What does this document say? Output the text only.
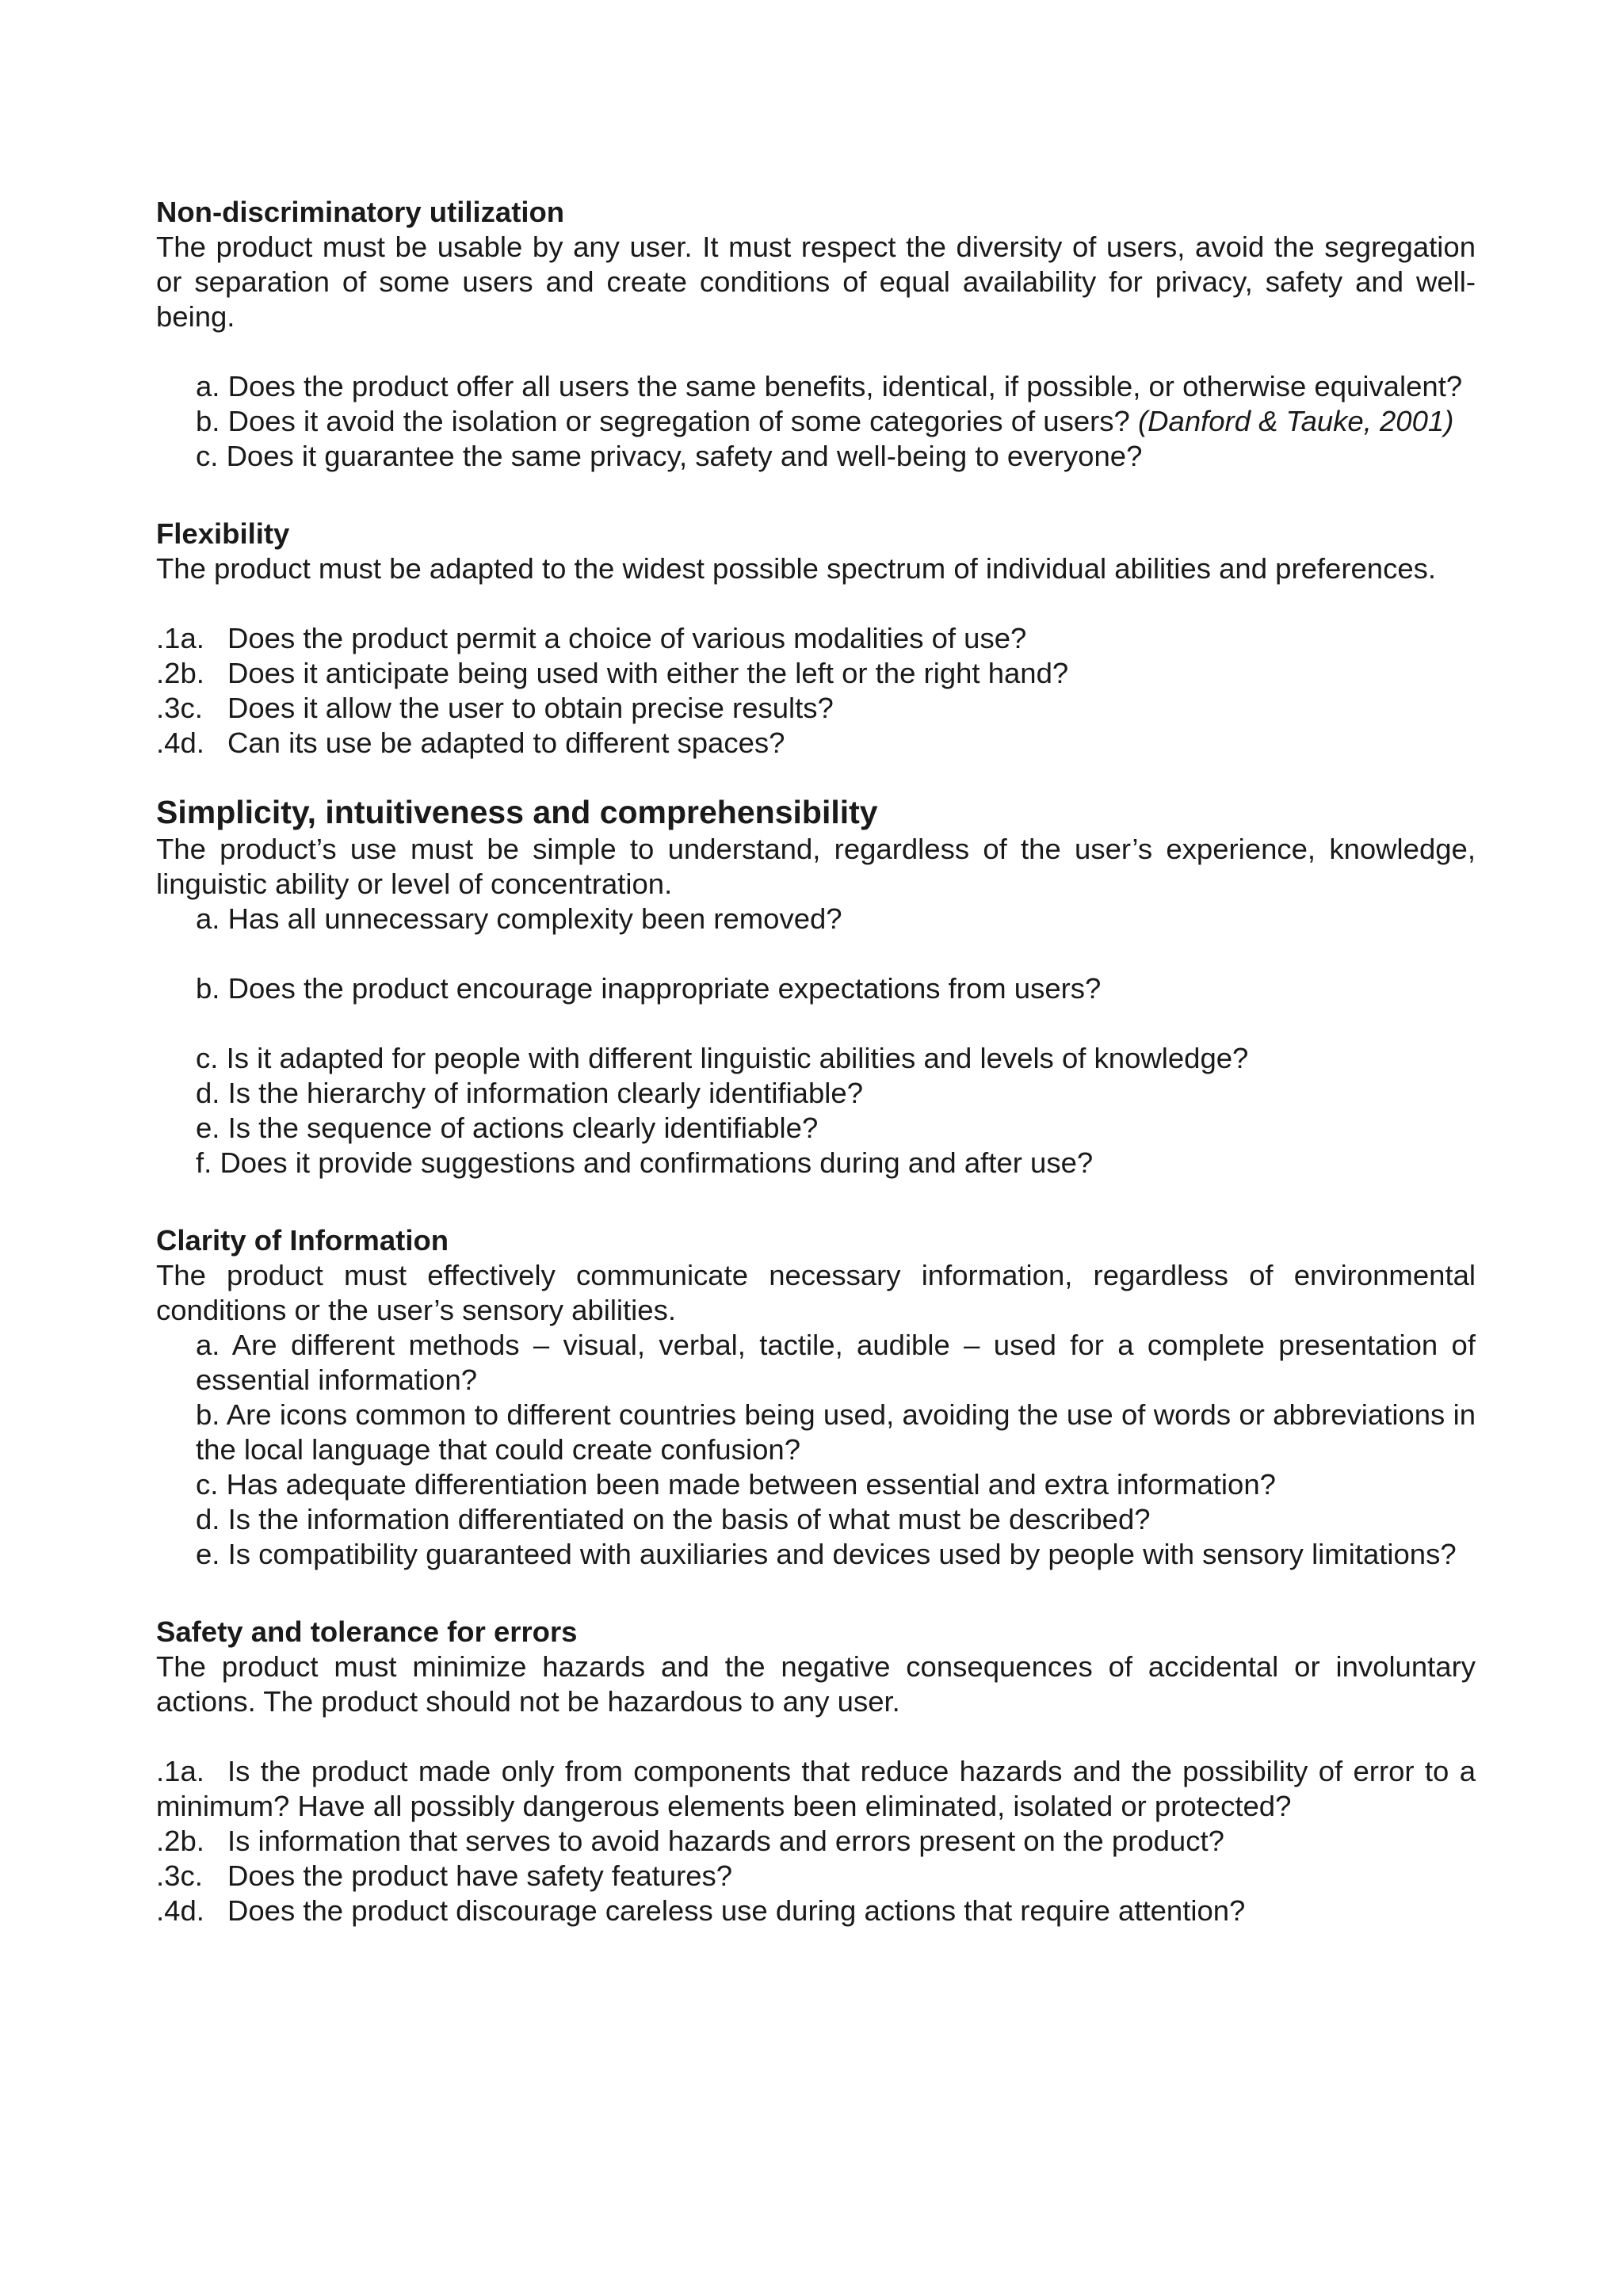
Non-discriminatory utilization

The product must be usable by any user. It must respect the diversity of users, avoid the segregation or separation of some users and create conditions of equal availability for privacy, safety and well-being.

a. Does the product offer all users the same benefits, identical, if possible, or otherwise equivalent?

b. Does it avoid the isolation or segregation of some categories of users? (Danford & Tauke, 2001)

c. Does it guarantee the same privacy, safety and well-being to everyone?

Flexibility

The product must be adapted to the widest possible spectrum of individual abilities and preferences.

.1a. Does the product permit a choice of various modalities of use?

.2b. Does it anticipate being used with either the left or the right hand?

.3c. Does it allow the user to obtain precise results?

.4d. Can its use be adapted to different spaces?

Simplicity, intuitiveness and comprehensibility

The product’s use must be simple to understand, regardless of the user’s experience, knowledge, linguistic ability or level of concentration.

a. Has all unnecessary complexity been removed?

b. Does the product encourage inappropriate expectations from users?

c. Is it adapted for people with different linguistic abilities and levels of knowledge?

d. Is the hierarchy of information clearly identifiable?

e. Is the sequence of actions clearly identifiable?

f. Does it provide suggestions and confirmations during and after use?

Clarity of Information

The product must effectively communicate necessary information, regardless of environmental conditions or the user’s sensory abilities.

a. Are different methods – visual, verbal, tactile, audible – used for a complete presentation of essential information?

b. Are icons common to different countries being used, avoiding the use of words or abbreviations in the local language that could create confusion?

c. Has adequate differentiation been made between essential and extra information?

d. Is the information differentiated on the basis of what must be described?

e. Is compatibility guaranteed with auxiliaries and devices used by people with sensory limitations?

Safety and tolerance for errors

The product must minimize hazards and the negative consequences of accidental or involuntary actions. The product should not be hazardous to any user.

.1a. Is the product made only from components that reduce hazards and the possibility of error to a minimum? Have all possibly dangerous elements been eliminated, isolated or protected?

.2b. Is information that serves to avoid hazards and errors present on the product?

.3c. Does the product have safety features?

.4d. Does the product discourage careless use during actions that require attention?
